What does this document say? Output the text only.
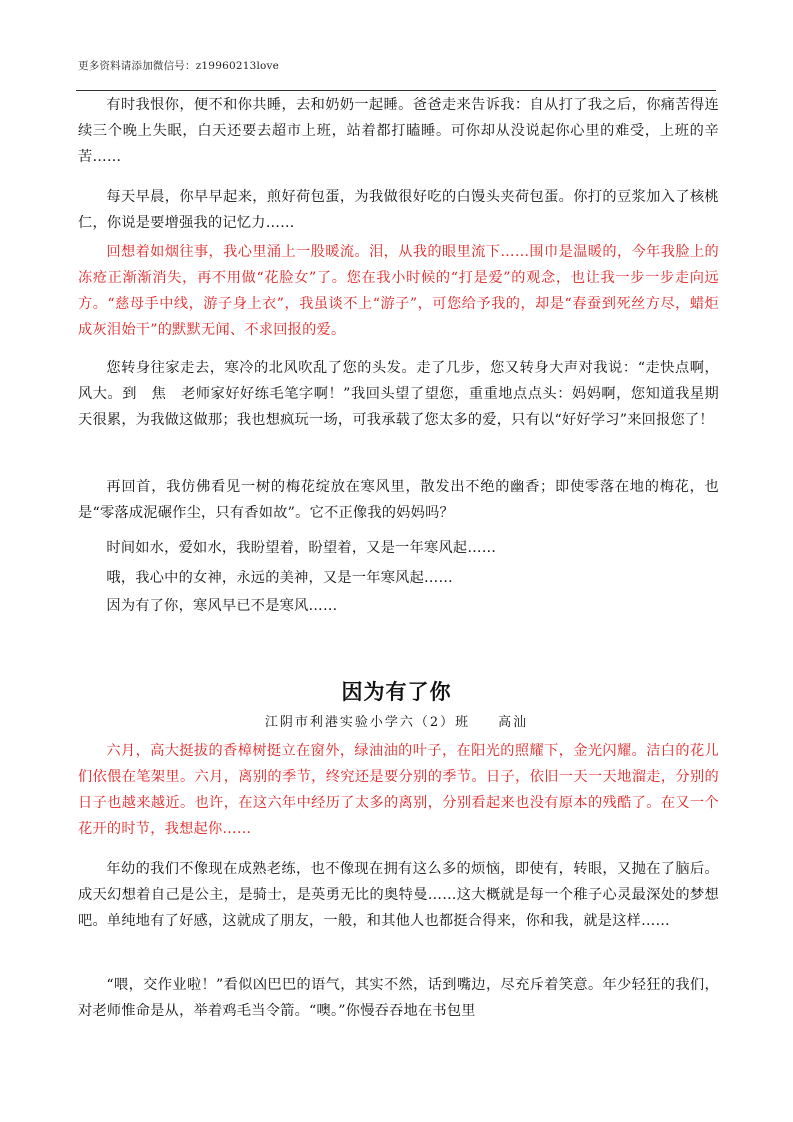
更多资料请添加微信号：z19960213love

有时我恨你，便不和你共睡，去和奶奶一起睡。爸爸走来告诉我：自从打了我之后，你痛苦得连续三个晚上失眠，白天还要去超市上班，站着都打瞌睡。可你却从没说起你心里的难受，上班的辛苦……

每天早晨，你早早起来，煎好荷包蛋，为我做很好吃的白馒头夹荷包蛋。你打的豆浆加入了核桃仁，你说是要增强我的记忆力……

回想着如烟往事，我心里涌上一股暖流。泪，从我的眼里流下……围巾是温暖的，今年我脸上的冻疮正渐渐消失，再不用做“花脸女”了。您在我小时候的“打是爱”的观念，也让我一步一步走向远方。“慈母手中线，游子身上衣”，我虽谈不上“游子”，可您给予我的，却是“春蚕到死丝方尽，蜡炬成灰泪始干”的默默无闻、不求回报的爱。

您转身往家走去，寒冷的北风吹乱了您的头发。走了几步，您又转身大声对我说：“走快点啊，风大。到　焦　老师家好好练毛笔字啊！”我回头望了望您，重重地点点头：妈妈啊，您知道我星期天很累，为我做这做那；我也想疯玩一场，可我承载了您太多的爱，只有以“好好学习”来回报您了！

再回首，我仿佛看见一树的梅花绽放在寒风里，散发出不绝的幽香；即使零落在地的梅花，也是“零落成泥碾作尘，只有香如故”。它不正像我的妈妈吗？

时间如水，爱如水，我盼望着，盼望着，又是一年寒风起……

哦，我心中的女神，永远的美神，又是一年寒风起……

因为有了你，寒风早已不是寒风……

因为有了你
江阴市利港实验小学六（2）班 高汕

六月，高大挺拔的香樟树挺立在窗外，绿油油的叶子，在阳光的照耀下，金光闪耀。洁白的花儿们依偎在笔架里。六月，离别的季节，终究还是要分别的季节。日子，依旧一天一天地溜走，分别的日子也越来越近。也许，在这六年中经历了太多的离别，分别看起来也没有原本的残酷了。在又一个花开的时节，我想起你……

年幼的我们不像现在成熟老练，也不像现在拥有这么多的烦恼，即使有，转眼，又抛在了脑后。成天幻想着自己是公主，是骑士，是英勇无比的奥特曼……这大概就是每一个稚子心灵最深处的梦想吧。单纯地有了好感，这就成了朋友，一般，和其他人也都挺合得来，你和我，就是这样……

“喂，交作业啦！”看似凶巴巴的语气，其实不然，话到嘴边，尽充斥着笑意。年少轻狂的我们，对老师惟命是从，举着鸡毛当令箭。“噢。”你慢吞吞地在书包里
